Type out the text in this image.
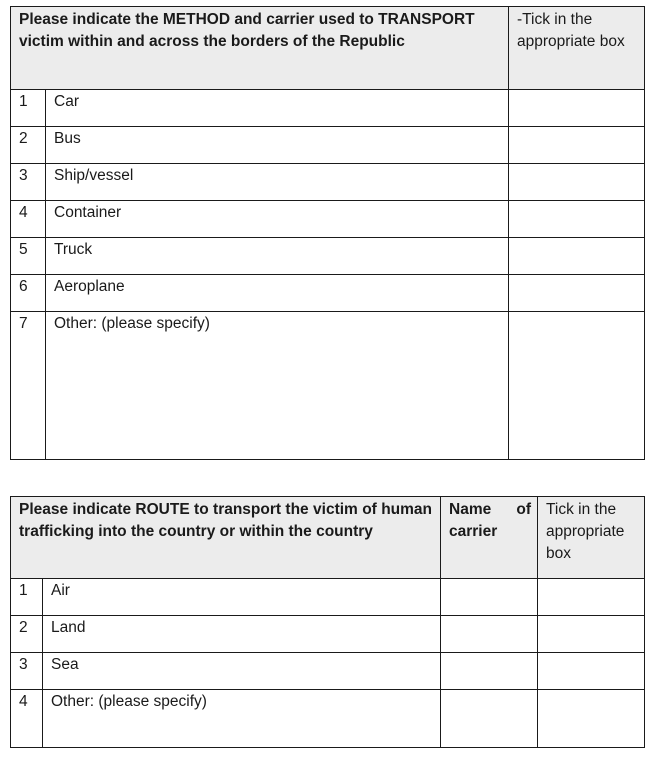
Please indicate the METHOD and carrier used to TRANSPORT victim within and across the borders of the Republic		-Tick in the appropriate box
1	Car	
2	Bus	
3	Ship/vessel	
4	Container	
5	Truck	
6	Aeroplane	
7	Other: (please specify)	
Please indicate ROUTE to transport the victim of human trafficking into the country or within the country		Name of carrier	Tick in the appropriate box
1	Air		
2	Land		
3	Sea		
4	Other: (please specify)		
